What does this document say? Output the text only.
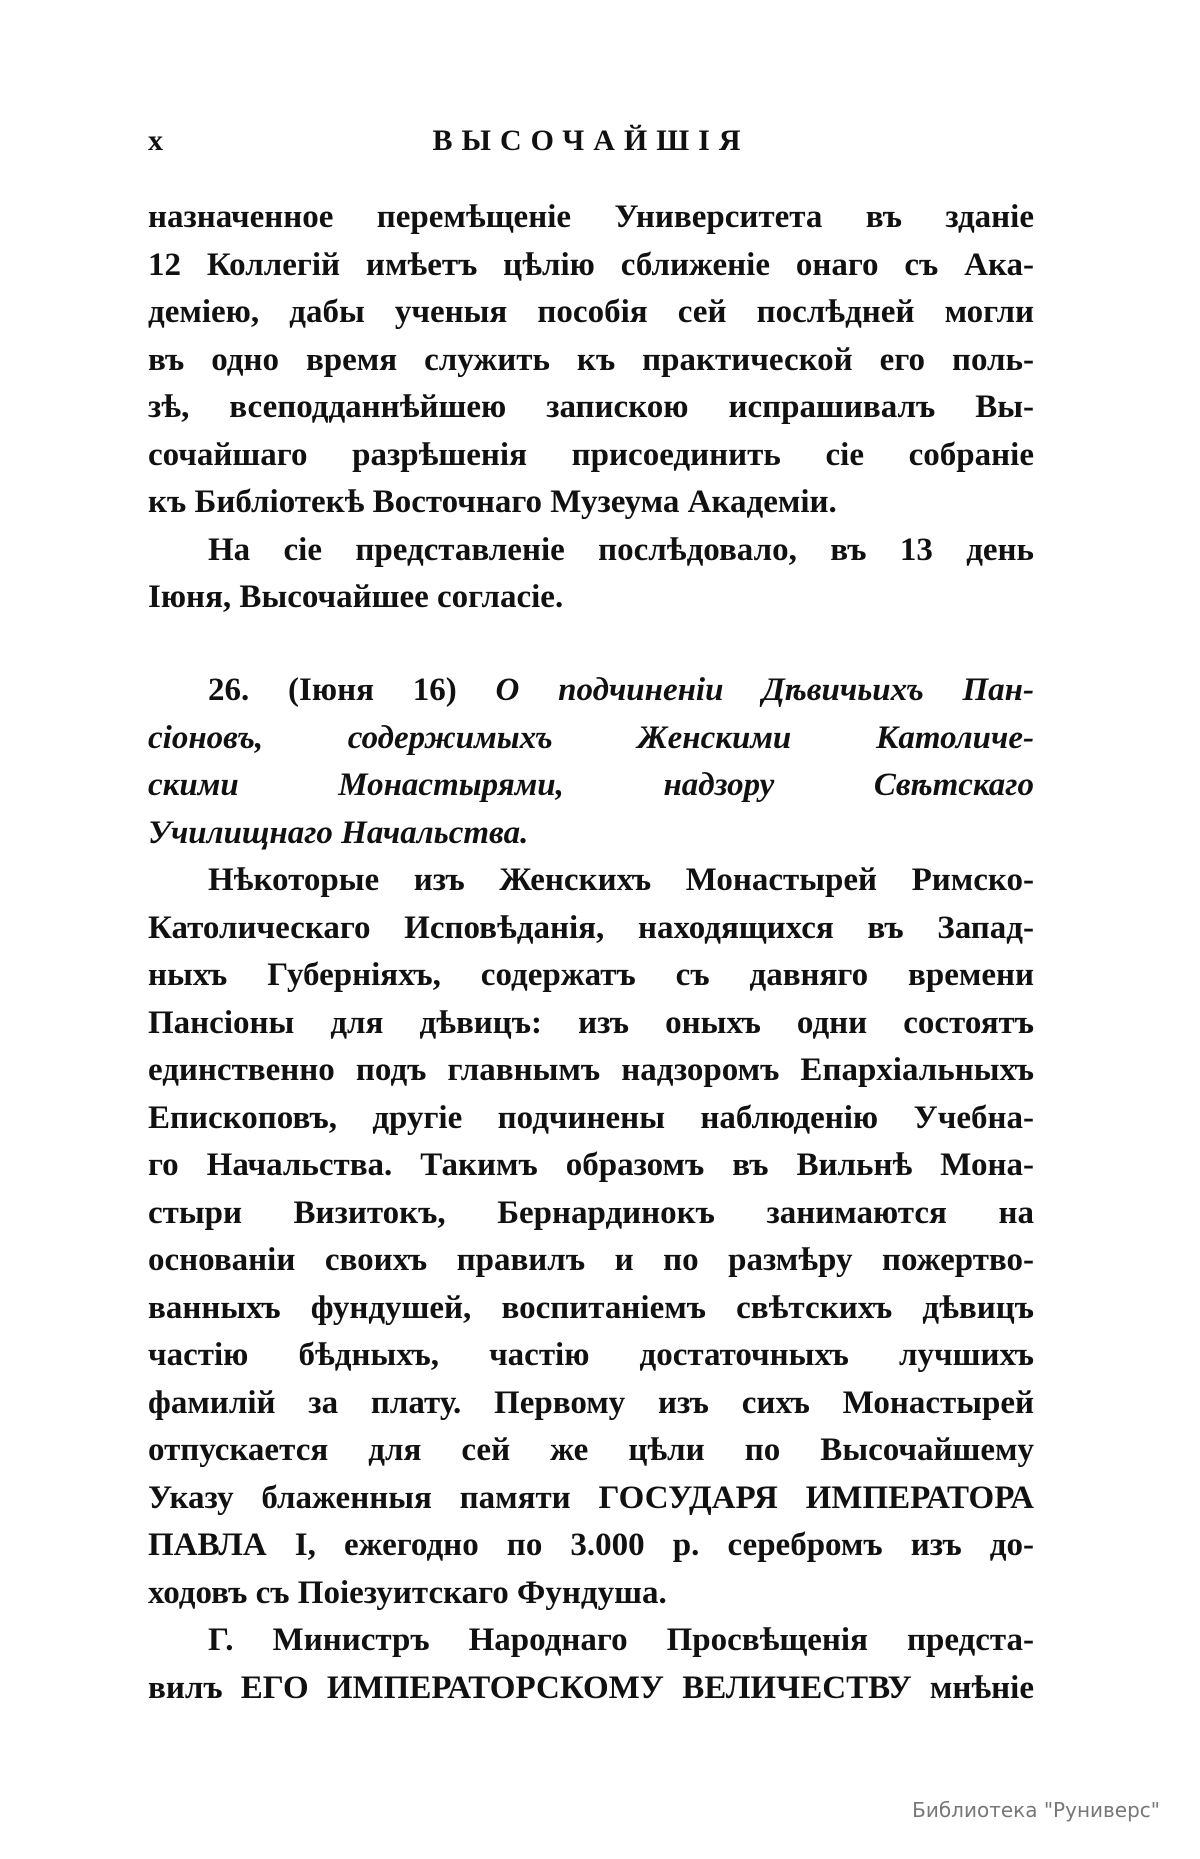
x	ВЫСОЧАЙШІЯ
назначенное перемѣщеніе Университета въ зданіе
12 Коллегій имѣетъ цѣлію сближеніе онаго съ Ака-
деміею, дабы ученыя пособія сей послѣдней могли
въ одно время служить къ практической его поль-
зѣ, всеподданнѣйшею запискою испрашивалъ Вы-
сочайшаго разрѣшенія присоединить сіе собраніе
къ Библіотекѣ Восточнаго Музеума Академіи.
На сіе представленіе послѣдовало, въ 13 день
Іюня, Высочайшее согласіе.
26. (Іюня 16) О подчиненіи Дѣвичьихъ Пан-
сіоновъ, содержимыхъ Женскими Католиче-
скими Монастырями, надзору Свѣтскаго
Училищнаго Начальства.
Нѣкоторые изъ Женскихъ Монастырей Римско-
Католическаго Исповѣданія, находящихся въ Запад-
ныхъ Губерніяхъ, содержатъ съ давняго времени
Пансіоны для дѣвицъ: изъ оныхъ одни состоятъ
единственно подъ главнымъ надзоромъ Епархіальныхъ
Епископовъ, другіе подчинены наблюденію Учебна-
го Начальства. Такимъ образомъ въ Вильнѣ Мона-
стыри Визитокъ, Бернардинокъ занимаются на
основаніи своихъ правилъ и по размѣру пожертво-
ванныхъ фундушей, воспитаніемъ свѣтскихъ дѣвицъ
частію бѣдныхъ, частію достаточныхъ лучшихъ
фамилій за плату. Первому изъ сихъ Монастырей
отпускается для сей же цѣли по Высочайшему
Указу блаженныя памяти ГОСУДАРЯ ИМПЕРАТОРА
ПАВЛА I, ежегодно по 3.000 р. серебромъ изъ до-
ходовъ съ Поіезуитскаго Фундуша.
Г. Министръ Народнаго Просвѣщенія предста-
вилъ ЕГО ИМПЕРАТОРСКОМУ ВЕЛИЧЕСТВУ мнѣніе
Библиотека "Руниверс"
